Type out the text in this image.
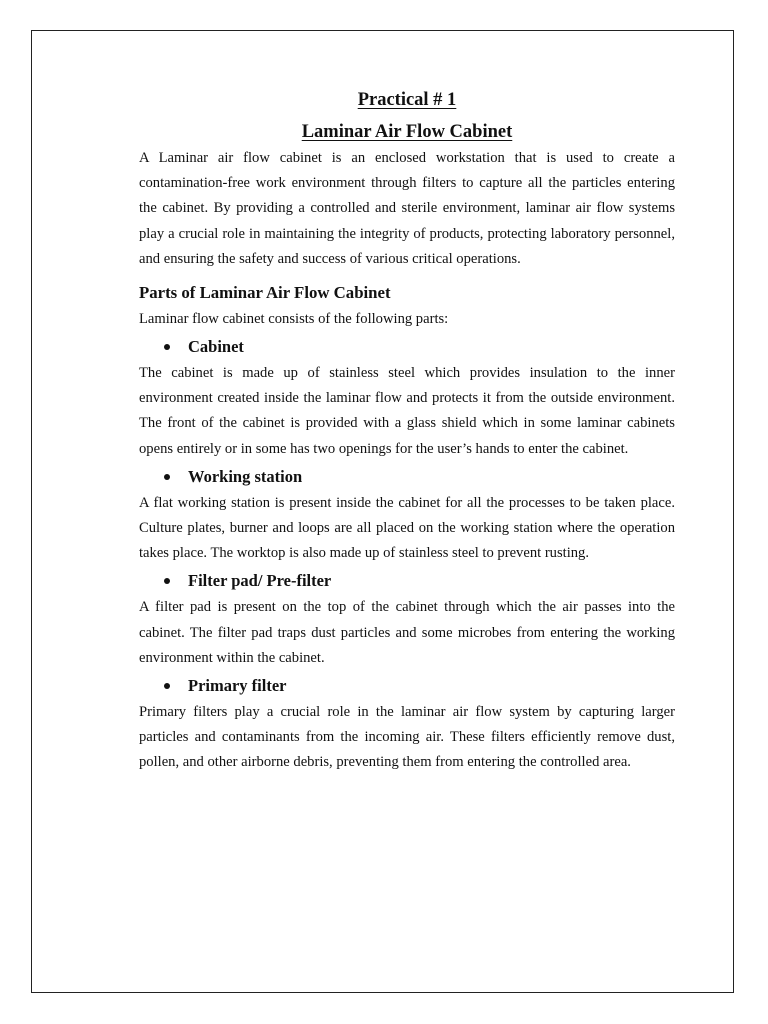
Practical # 1
Laminar Air Flow Cabinet

A Laminar air flow cabinet is an enclosed workstation that is used to create a contamination-free work environment through filters to capture all the particles entering the cabinet. By providing a controlled and sterile environment, laminar air flow systems play a crucial role in maintaining the integrity of products, protecting laboratory personnel, and ensuring the safety and success of various critical operations.

Parts of Laminar Air Flow Cabinet

Laminar flow cabinet consists of the following parts:

Cabinet

The cabinet is made up of stainless steel which provides insulation to the inner environment created inside the laminar flow and protects it from the outside environment. The front of the cabinet is provided with a glass shield which in some laminar cabinets opens entirely or in some has two openings for the user’s hands to enter the cabinet.

Working station

A flat working station is present inside the cabinet for all the processes to be taken place. Culture plates, burner and loops are all placed on the working station where the operation takes place. The worktop is also made up of stainless steel to prevent rusting.

Filter pad/ Pre-filter

A filter pad is present on the top of the cabinet through which the air passes into the cabinet. The filter pad traps dust particles and some microbes from entering the working environment within the cabinet.

Primary filter

Primary filters play a crucial role in the laminar air flow system by capturing larger particles and contaminants from the incoming air. These filters efficiently remove dust, pollen, and other airborne debris, preventing them from entering the controlled area.
